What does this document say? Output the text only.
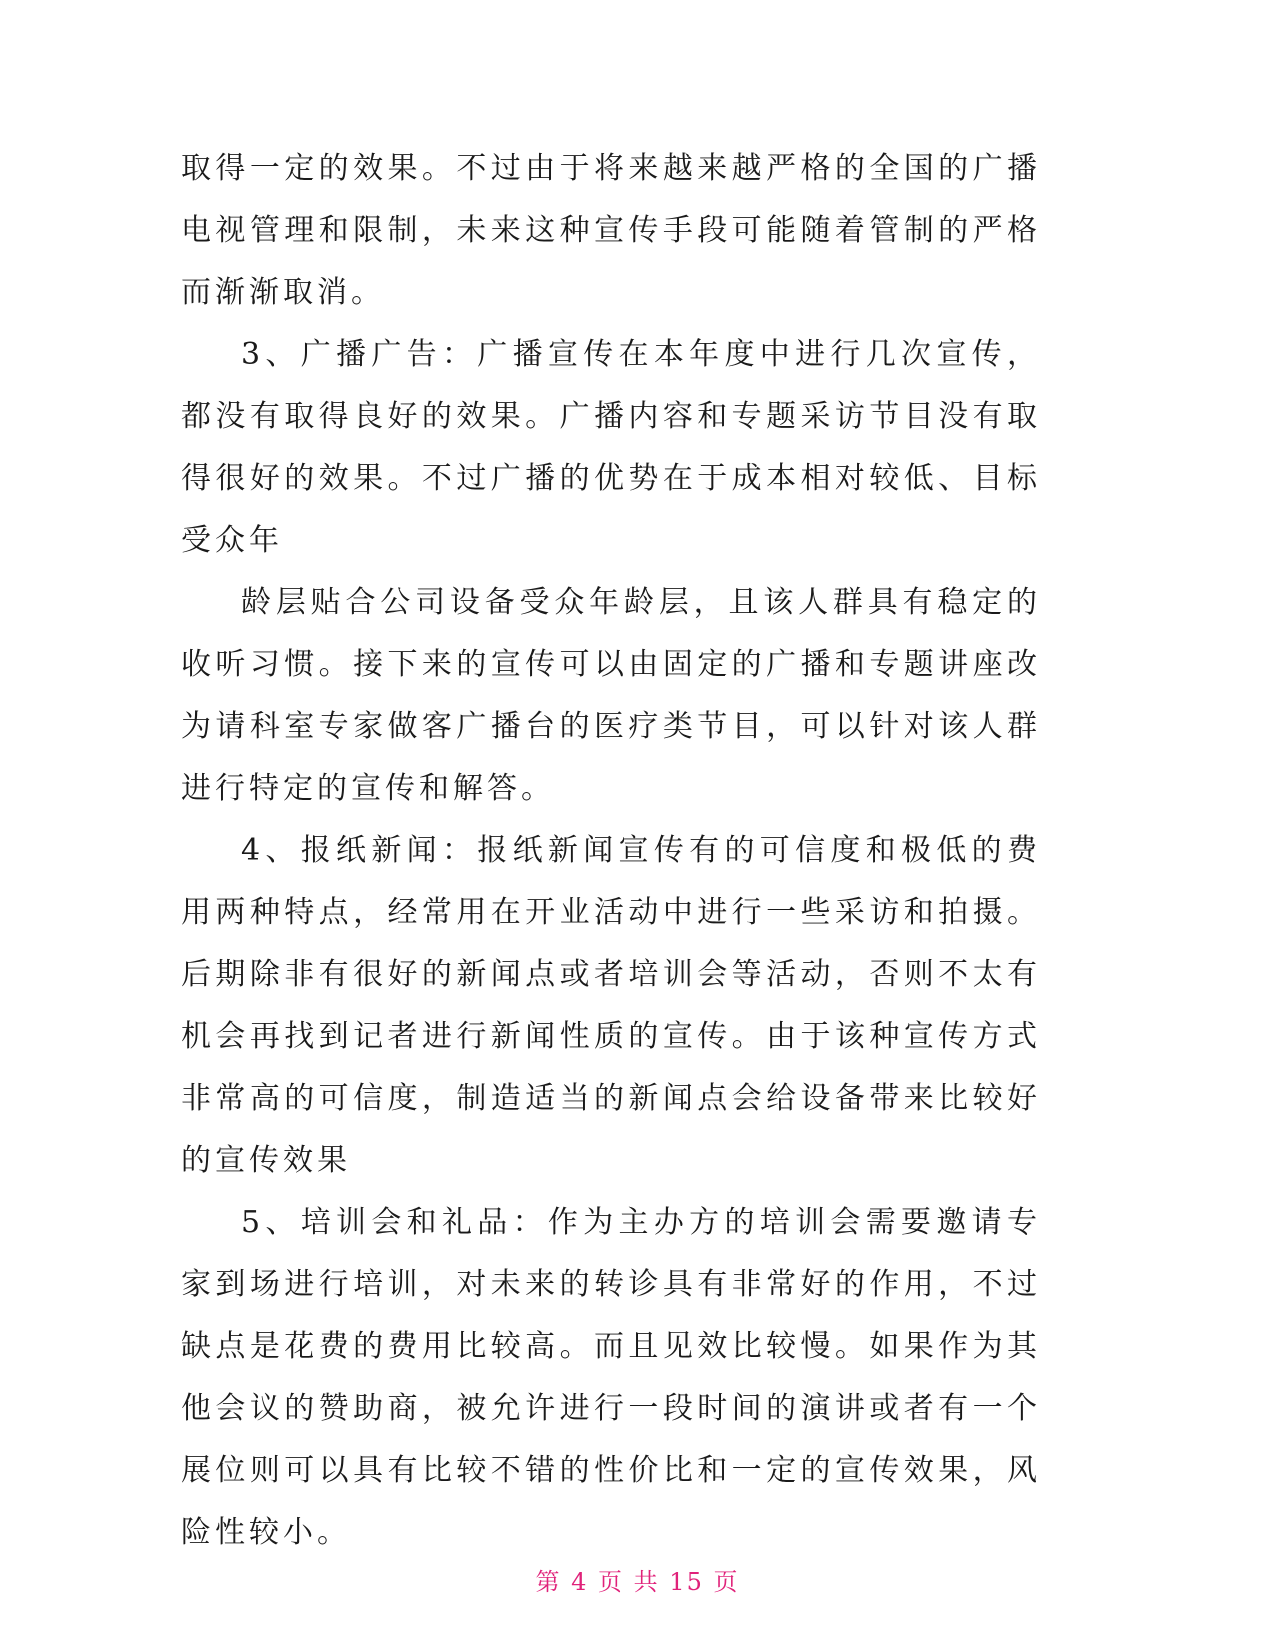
取得一定的效果。不过由于将来越来越严格的全国的广播电视管理和限制，未来这种宣传手段可能随着管制的严格而渐渐取消。

3、广播广告：广播宣传在本年度中进行几次宣传，都没有取得良好的效果。广播内容和专题采访节目没有取得很好的效果。不过广播的优势在于成本相对较低、目标受众年

龄层贴合公司设备受众年龄层，且该人群具有稳定的收听习惯。接下来的宣传可以由固定的广播和专题讲座改为请科室专家做客广播台的医疗类节目，可以针对该人群进行特定的宣传和解答。

4、报纸新闻：报纸新闻宣传有的可信度和极低的费用两种特点，经常用在开业活动中进行一些采访和拍摄。后期除非有很好的新闻点或者培训会等活动，否则不太有机会再找到记者进行新闻性质的宣传。由于该种宣传方式非常高的可信度，制造适当的新闻点会给设备带来比较好的宣传效果

5、培训会和礼品：作为主办方的培训会需要邀请专家到场进行培训，对未来的转诊具有非常好的作用，不过缺点是花费的费用比较高。而且见效比较慢。如果作为其他会议的赞助商，被允许进行一段时间的演讲或者有一个展位则可以具有比较不错的性价比和一定的宣传效果，风险性较小。

第 4 页 共 15 页
